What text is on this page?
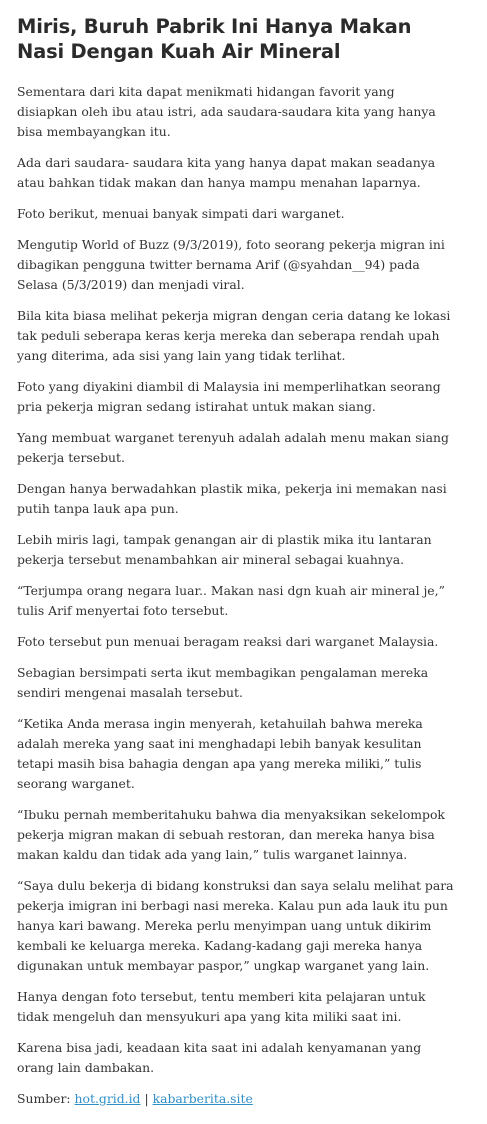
Miris, Buruh Pabrik Ini Hanya Makan Nasi Dengan Kuah Air Mineral

Sementara dari kita dapat menikmati hidangan favorit yang disiapkan oleh ibu atau istri, ada saudara-saudara kita yang hanya bisa membayangkan itu.

Ada dari saudara- saudara kita yang hanya dapat makan seadanya atau bahkan tidak makan dan hanya mampu menahan laparnya.

Foto berikut, menuai banyak simpati dari warganet.

Mengutip World of Buzz (9/3/2019), foto seorang pekerja migran ini dibagikan pengguna twitter bernama Arif (@syahdan__94) pada Selasa (5/3/2019) dan menjadi viral.

Bila kita biasa melihat pekerja migran dengan ceria datang ke lokasi tak peduli seberapa keras kerja mereka dan seberapa rendah upah yang diterima, ada sisi yang lain yang tidak terlihat.

Foto yang diyakini diambil di Malaysia ini memperlihatkan seorang pria pekerja migran sedang istirahat untuk makan siang.

Yang membuat warganet terenyuh adalah adalah menu makan siang pekerja tersebut.

Dengan hanya berwadahkan plastik mika, pekerja ini memakan nasi putih tanpa lauk apa pun.

Lebih miris lagi, tampak genangan air di plastik mika itu lantaran pekerja tersebut menambahkan air mineral sebagai kuahnya.

“Terjumpa orang negara luar.. Makan nasi dgn kuah air mineral je,” tulis Arif menyertai foto tersebut.

Foto tersebut pun menuai beragam reaksi dari warganet Malaysia.

Sebagian bersimpati serta ikut membagikan pengalaman mereka sendiri mengenai masalah tersebut.

“Ketika Anda merasa ingin menyerah, ketahuilah bahwa mereka adalah mereka yang saat ini menghadapi lebih banyak kesulitan tetapi masih bisa bahagia dengan apa yang mereka miliki,” tulis seorang warganet.

“Ibuku pernah memberitahuku bahwa dia menyaksikan sekelompok pekerja migran makan di sebuah restoran, dan mereka hanya bisa makan kaldu dan tidak ada yang lain,” tulis warganet lainnya.

“Saya dulu bekerja di bidang konstruksi dan saya selalu melihat para pekerja imigran ini berbagi nasi mereka. Kalau pun ada lauk itu pun hanya kari bawang. Mereka perlu menyimpan uang untuk dikirim kembali ke keluarga mereka. Kadang-kadang gaji mereka hanya digunakan untuk membayar paspor,” ungkap warganet yang lain.

Hanya dengan foto tersebut, tentu memberi kita pelajaran untuk tidak mengeluh dan mensyukuri apa yang kita miliki saat ini.

Karena bisa jadi, keadaan kita saat ini adalah kenyamanan yang orang lain dambakan.

Sumber: hot.grid.id | kabarberita.site
